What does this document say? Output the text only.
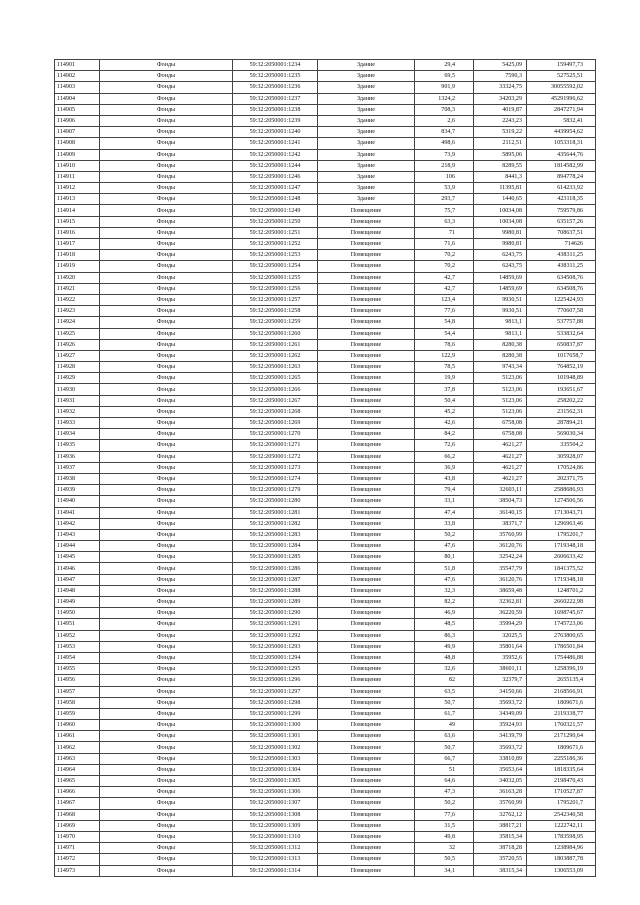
114901	Фонды	59:32:2050001:1234	Здание	29,4	5425,09	159497,73
114902	Фонды	59:32:2050001:1235	Здание	69,5	7590,3	527525,51
114903	Фонды	59:32:2050001:1236	Здание	901,9	33324,75	30055592,02
114904	Фонды	59:32:2050001:1237	Здание	1324,2	34203,29	45291996,62
114905	Фонды	59:32:2050001:1238	Здание	708,3	4019,87	2847271,94
114906	Фонды	59:32:2050001:1239	Здание	2,6	2243,23	5832,41
114907	Фонды	59:32:2050001:1240	Здание	834,7	5319,22	4439954,62
114908	Фонды	59:32:2050001:1241	Здание	498,6	2112,51	1053318,31
114909	Фонды	59:32:2050001:1242	Здание	73,9	5895,06	435644,76
114910	Фонды	59:32:2050001:1244	Здание	218,9	8289,55	1814582,99
114911	Фонды	59:32:2050001:1246	Здание	106	8441,3	894778,24
114912	Фонды	59:32:2050001:1247	Здание	53,9	11395,81	614233,92
114913	Фонды	59:32:2050001:1248	Здание	293,7	1440,65	423118,35
114914	Фонды	59:32:2050001:1249	Помещение	75,7	10034,08	759579,86
114915	Фонды	59:32:2050001:1250	Помещение	63,3	10034,08	635157,26
114916	Фонды	59:32:2050001:1251	Помещение	71	9980,81	708637,51
114917	Фонды	59:32:2050001:1252	Помещение	71,6	9980,81	714626
114918	Фонды	59:32:2050001:1253	Помещение	70,2	6243,75	438311,25
114919	Фонды	59:32:2050001:1254	Помещение	70,2	6243,75	438311,25
114920	Фонды	59:32:2050001:1255	Помещение	42,7	14859,69	634508,76
114921	Фонды	59:32:2050001:1256	Помещение	42,7	14859,69	634508,76
114922	Фонды	59:32:2050001:1257	Помещение	123,4	9930,51	1225424,93
114923	Фонды	59:32:2050001:1258	Помещение	77,6	9930,51	770607,58
114924	Фонды	59:32:2050001:1259	Помещение	54,8	9813,1	537757,88
114925	Фонды	59:32:2050001:1260	Помещение	54,4	9813,1	533832,64
114926	Фонды	59:32:2050001:1261	Помещение	78,6	8280,38	650837,87
114927	Фонды	59:32:2050001:1262	Помещение	122,9	8280,38	1017658,7
114928	Фонды	59:32:2050001:1263	Помещение	78,5	9743,34	764852,19
114929	Фонды	59:32:2050001:1265	Помещение	19,9	5123,06	101948,89
114930	Фонды	59:32:2050001:1266	Помещение	37,8	5123,06	193651,67
114931	Фонды	59:32:2050001:1267	Помещение	50,4	5123,06	258202,22
114932	Фонды	59:32:2050001:1268	Помещение	45,2	5123,06	231562,31
114933	Фонды	59:32:2050001:1269	Помещение	42,6	6758,08	287894,21
114934	Фонды	59:32:2050001:1270	Помещение	84,2	6758,08	569030,34
114935	Фонды	59:32:2050001:1271	Помещение	72,6	4621,27	335504,2
114936	Фонды	59:32:2050001:1272	Помещение	66,2	4621,27	305928,07
114937	Фонды	59:32:2050001:1273	Помещение	36,9	4621,27	170524,86
114938	Фонды	59:32:2050001:1274	Помещение	43,8	4621,27	202371,75
114939	Фонды	59:32:2050001:1279	Помещение	79,4	32603,11	2588686,93
114940	Фонды	59:32:2050001:1280	Помещение	33,1	38504,73	1274506,56
114941	Фонды	59:32:2050001:1281	Помещение	47,4	36140,15	1713043,71
114942	Фонды	59:32:2050001:1282	Помещение	33,8	38371,7	1296963,46
114943	Фонды	59:32:2050001:1283	Помещение	50,2	35760,99	1795201,7
114944	Фонды	59:32:2050001:1284	Помещение	47,6	36120,76	1719348,18
114945	Фонды	59:32:2050001:1285	Помещение	80,1	32542,24	2606633,42
114946	Фонды	59:32:2050001:1286	Помещение	51,8	35547,79	1841375,52
114947	Фонды	59:32:2050001:1287	Помещение	47,6	36120,76	1719348,18
114948	Фонды	59:32:2050001:1288	Помещение	32,3	38659,48	1248701,2
114949	Фонды	59:32:2050001:1289	Помещение	82,2	32362,81	2660222,98
114950	Фонды	59:32:2050001:1290	Помещение	46,9	36220,59	1698745,67
114951	Фонды	59:32:2050001:1291	Помещение	48,5	35994,29	1745723,06
114952	Фонды	59:32:2050001:1292	Помещение	86,3	32025,5	2763800,65
114953	Фонды	59:32:2050001:1293	Помещение	49,9	35801,64	1786501,84
114954	Фонды	59:32:2050001:1294	Помещение	48,8	35952,6	1754486,88
114955	Фонды	59:32:2050001:1295	Помещение	32,6	38601,11	1258396,19
114956	Фонды	59:32:2050001:1296	Помещение	82	32379,7	2655135,4
114957	Фонды	59:32:2050001:1297	Помещение	63,5	34150,66	2168566,91
114958	Фонды	59:32:2050001:1298	Помещение	50,7	35693,72	1809671,6
114959	Фонды	59:32:2050001:1299	Помещение	61,7	34349,09	2119338,77
114960	Фонды	59:32:2050001:1300	Помещение	49	35924,93	1760321,57
114961	Фонды	59:32:2050001:1301	Помещение	63,6	34139,79	2171290,64
114962	Фонды	59:32:2050001:1302	Помещение	50,7	35693,72	1809671,6
114963	Фонды	59:32:2050001:1303	Помещение	66,7	33810,89	2255186,36
114964	Фонды	59:32:2050001:1304	Помещение	51	35653,64	1818335,64
114965	Фонды	59:32:2050001:1305	Помещение	64,6	34032,05	2198470,43
114966	Фонды	59:32:2050001:1306	Помещение	47,3	36163,28	1710527,87
114967	Фонды	59:32:2050001:1307	Помещение	50,2	35760,99	1795201,7
114968	Фонды	59:32:2050001:1308	Помещение	77,6	32762,12	2542340,58
114969	Фонды	59:32:2050001:1309	Помещение	31,5	38817,21	1222742,11
114970	Фонды	59:32:2050001:1310	Помещение	49,8	35815,34	1783598,95
114971	Фонды	59:32:2050001:1312	Помещение	32	38718,28	1238984,96
114972	Фонды	59:32:2050001:1313	Помещение	50,5	35720,55	1803887,78
114973	Фонды	59:32:2050001:1314	Помещение	34,1	38315,34	1306553,09
